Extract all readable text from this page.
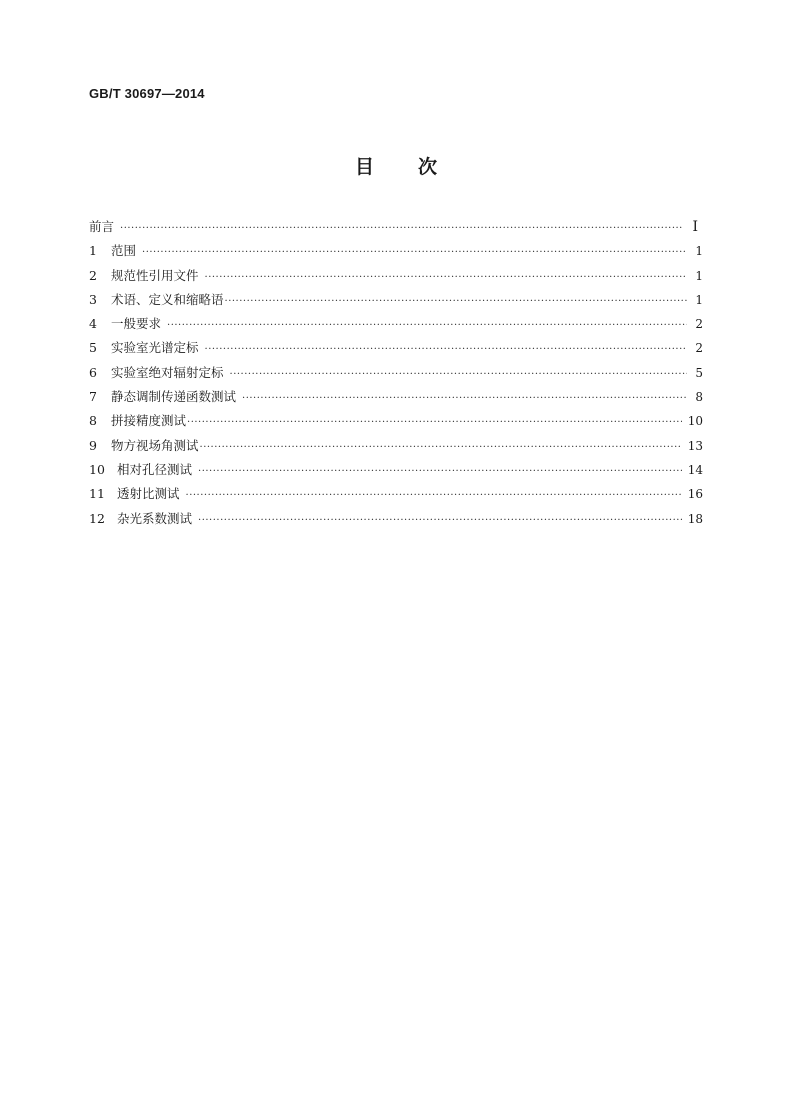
GB/T 30697—2014
目 次
前言 ·····	I
1	范围 ·····	1
2	规范性引用文件 ·····	1
3	术语、定义和缩略语 ·····	1
4	一般要求 ·····	2
5	实验室光谱定标 ·····	2
6	实验室绝对辐射定标 ·····	5
7	静态调制传递函数测试 ·····	8
8	拼接精度测试 ·····	10
9	物方视场角测试 ·····	13
10 相对孔径测试 ·····	14
11 透射比测试 ·····	16
12 杂光系数测试 ·····	18
